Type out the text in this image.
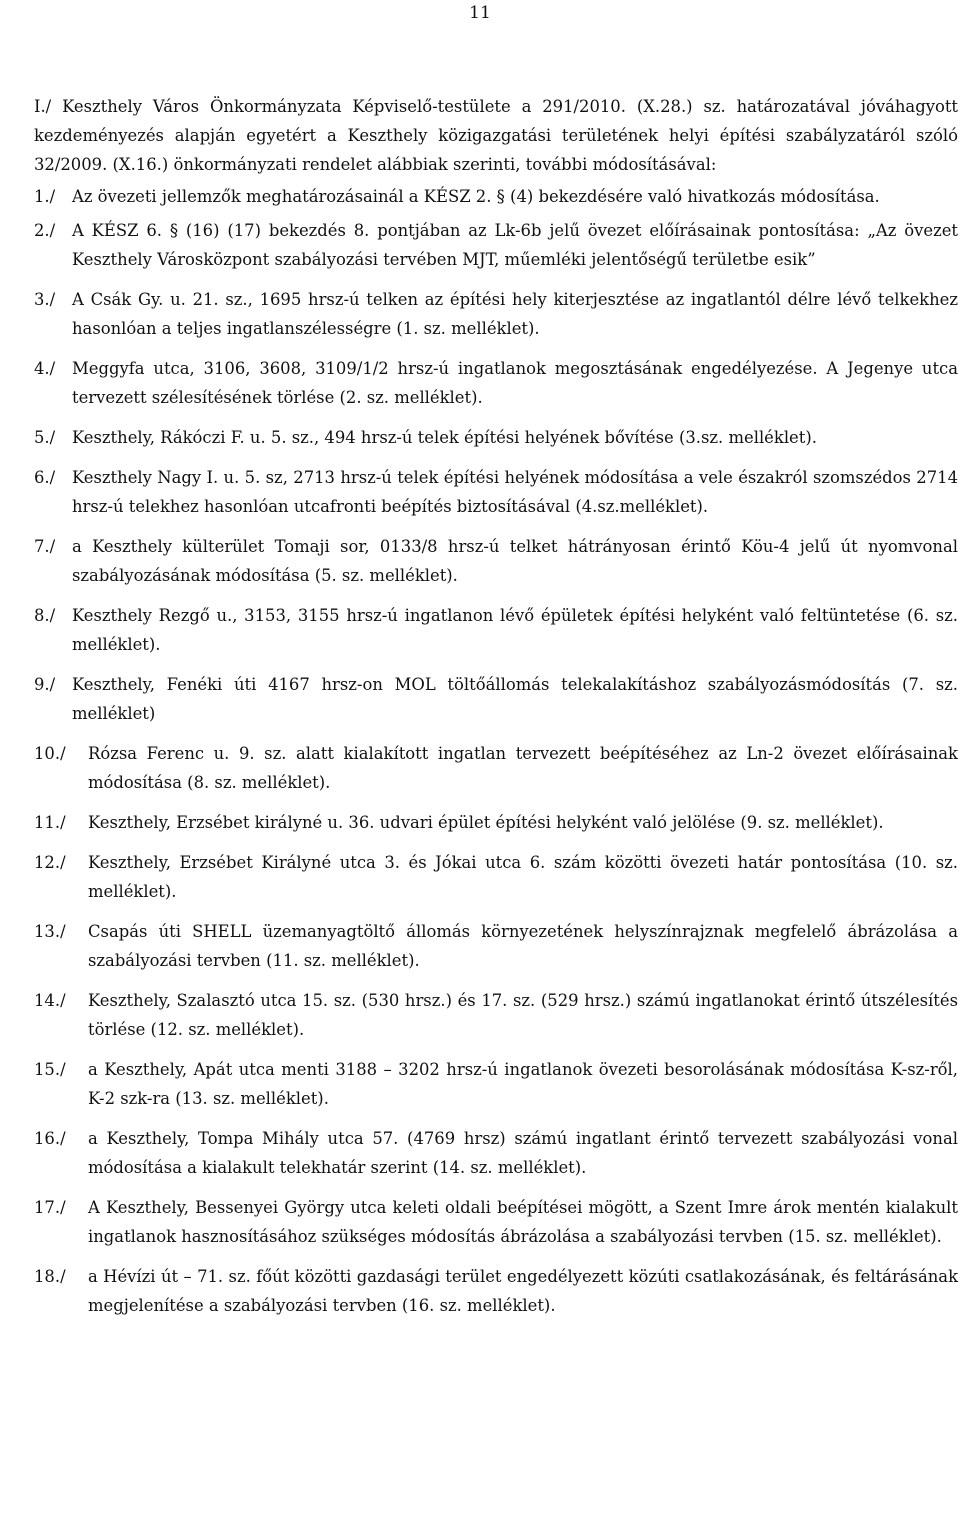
11

I./ Keszthely Város Önkormányzata Képviselő-testülete a 291/2010. (X.28.) sz. határozatával jóváhagyott kezdeményezés alapján egyetért a Keszthely közigazgatási területének helyi építési szabályzatáról szóló 32/2009. (X.16.) önkormányzati rendelet alábbiak szerinti, további módosításával:

1./ Az övezeti jellemzők meghatározásainál a KÉSZ 2. § (4) bekezdésére való hivatkozás módosítása.
2./ A KÉSZ 6. § (16) (17) bekezdés 8. pontjában az Lk-6b jelű övezet előírásainak pontosítása: „Az övezet Keszthely Városközpont szabályozási tervében MJT, műemléki jelentőségű területbe esik”
3./ A Csák Gy. u. 21. sz., 1695 hrsz-ú telken az építési hely kiterjesztése az ingatlantól délre lévő telkekhez hasonlóan a teljes ingatlanszélességre (1. sz. melléklet).
4./ Meggyfa utca, 3106, 3608, 3109/1/2 hrsz-ú ingatlanok megosztásának engedélyezése. A Jegenye utca tervezett szélesítésének törlése (2. sz. melléklet).
5./ Keszthely, Rákóczi F. u. 5. sz., 494 hrsz-ú telek építési helyének bővítése (3.sz. melléklet).
6./ Keszthely Nagy I. u. 5. sz, 2713 hrsz-ú telek építési helyének módosítása a vele északról szomszédos 2714 hrsz-ú telekhez hasonlóan utcafronti beépítés biztosításával (4.sz.melléklet).
7./ a Keszthely külterület Tomaji sor, 0133/8 hrsz-ú telket hátrányosan érintő Köu-4 jelű út nyomvonal szabályozásának módosítása (5. sz. melléklet).
8./ Keszthely Rezgő u., 3153, 3155 hrsz-ú ingatlanon lévő épületek építési helyként való feltüntetése (6. sz. melléklet).
9./ Keszthely, Fenéki úti 4167 hrsz-on MOL töltőállomás telekalakításhoz szabályozásmódosítás (7. sz. melléklet)
10./ Rózsa Ferenc u. 9. sz. alatt kialakított ingatlan tervezett beépítéséhez az Ln-2 övezet előírásainak módosítása (8. sz. melléklet).
11./ Keszthely, Erzsébet királyné u. 36. udvari épület építési helyként való jelölése (9. sz. melléklet).
12./ Keszthely, Erzsébet Királyné utca 3. és Jókai utca 6. szám közötti övezeti határ pontosítása (10. sz. melléklet).
13./ Csapás úti SHELL üzemanyagtöltő állomás környezetének helyszínrajznak megfelelő ábrázolása a szabályozási tervben (11. sz. melléklet).
14./ Keszthely, Szalasztó utca 15. sz. (530 hrsz.) és 17. sz. (529 hrsz.) számú ingatlanokat érintő útszélesítés törlése (12. sz. melléklet).
15./ a Keszthely, Apát utca menti 3188 – 3202 hrsz-ú ingatlanok övezeti besorolásának módosítása K-sz-ről, K-2 szk-ra (13. sz. melléklet).
16./ a Keszthely, Tompa Mihály utca 57. (4769 hrsz) számú ingatlant érintő tervezett szabályozási vonal módosítása a kialakult telekhatár szerint (14. sz. melléklet).
17./ A Keszthely, Bessenyei György utca keleti oldali beépítései mögött, a Szent Imre árok mentén kialakult ingatlanok hasznosításához szükséges módosítás ábrázolása a szabályozási tervben (15. sz. melléklet).
18./ a Hévízi út – 71. sz. főút közötti gazdasági terület engedélyezett közúti csatlakozásának, és feltárásának megjelenítése a szabályozási tervben (16. sz. melléklet).
